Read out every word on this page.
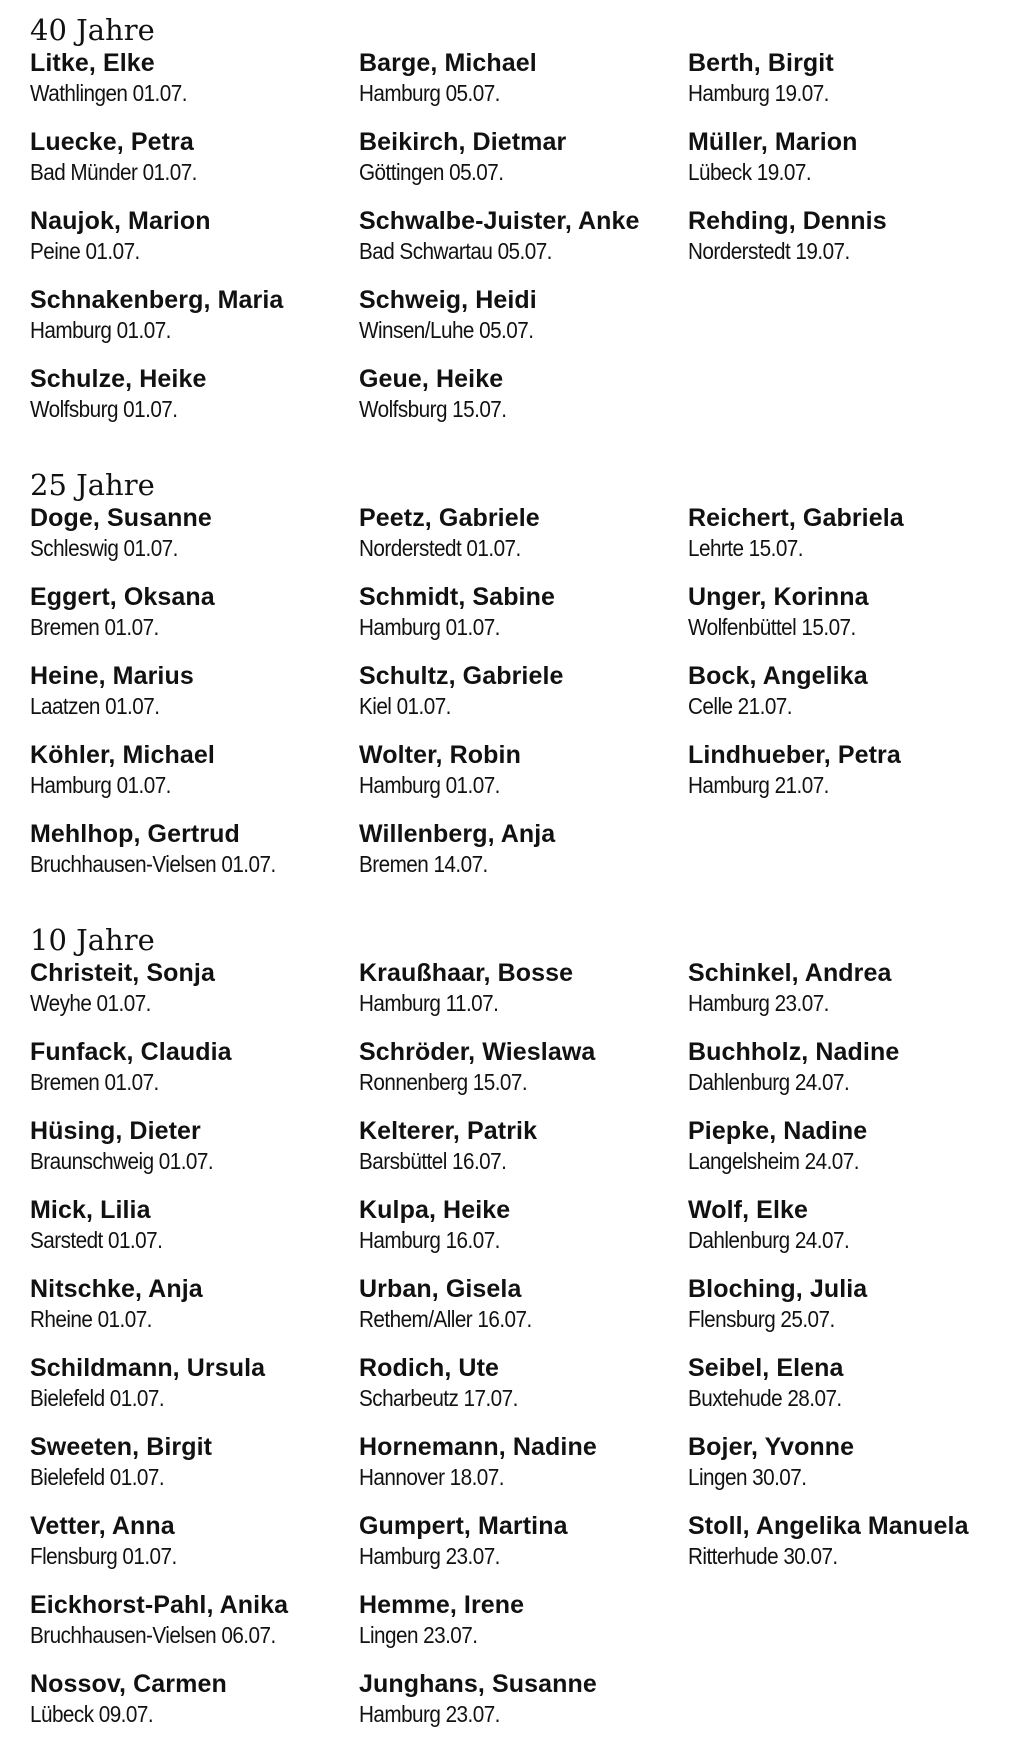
40 Jahre
Litke, Elke
Wathlingen 01.07.
Luecke, Petra
Bad Münder 01.07.
Naujok, Marion
Peine 01.07.
Schnakenberg, Maria
Hamburg 01.07.
Schulze, Heike
Wolfsburg 01.07.
Barge, Michael
Hamburg 05.07.
Beikirch, Dietmar
Göttingen 05.07.
Schwalbe-Juister, Anke
Bad Schwartau 05.07.
Schweig, Heidi
Winsen/Luhe 05.07.
Geue, Heike
Wolfsburg 15.07.
Berth, Birgit
Hamburg 19.07.
Müller, Marion
Lübeck 19.07.
Rehding, Dennis
Norderstedt 19.07.
25 Jahre
Doge, Susanne
Schleswig 01.07.
Eggert, Oksana
Bremen 01.07.
Heine, Marius
Laatzen 01.07.
Köhler, Michael
Hamburg 01.07.
Mehlhop, Gertrud
Bruchhausen-Vielsen 01.07.
Peetz, Gabriele
Norderstedt 01.07.
Schmidt, Sabine
Hamburg 01.07.
Schultz, Gabriele
Kiel 01.07.
Wolter, Robin
Hamburg 01.07.
Willenberg, Anja
Bremen 14.07.
Reichert, Gabriela
Lehrte 15.07.
Unger, Korinna
Wolfenbüttel 15.07.
Bock, Angelika
Celle 21.07.
Lindhueber, Petra
Hamburg 21.07.
10 Jahre
Christeit, Sonja
Weyhe 01.07.
Funfack, Claudia
Bremen 01.07.
Hüsing, Dieter
Braunschweig 01.07.
Mick, Lilia
Sarstedt 01.07.
Nitschke, Anja
Rheine 01.07.
Schildmann, Ursula
Bielefeld 01.07.
Sweeten, Birgit
Bielefeld 01.07.
Vetter, Anna
Flensburg 01.07.
Eickhorst-Pahl, Anika
Bruchhausen-Vielsen 06.07.
Nossov, Carmen
Lübeck 09.07.
Kraußhaar, Bosse
Hamburg 11.07.
Schröder, Wieslawa
Ronnenberg 15.07.
Kelterer, Patrik
Barsbüttel 16.07.
Kulpa, Heike
Hamburg 16.07.
Urban, Gisela
Rethem/Aller 16.07.
Rodich, Ute
Scharbeutz 17.07.
Hornemann, Nadine
Hannover 18.07.
Gumpert, Martina
Hamburg 23.07.
Hemme, Irene
Lingen 23.07.
Junghans, Susanne
Hamburg 23.07.
Schinkel, Andrea
Hamburg 23.07.
Buchholz, Nadine
Dahlenburg 24.07.
Piepke, Nadine
Langelsheim 24.07.
Wolf, Elke
Dahlenburg 24.07.
Bloching, Julia
Flensburg 25.07.
Seibel, Elena
Buxtehude 28.07.
Bojer, Yvonne
Lingen 30.07.
Stoll, Angelika Manuela
Ritterhude 30.07.
